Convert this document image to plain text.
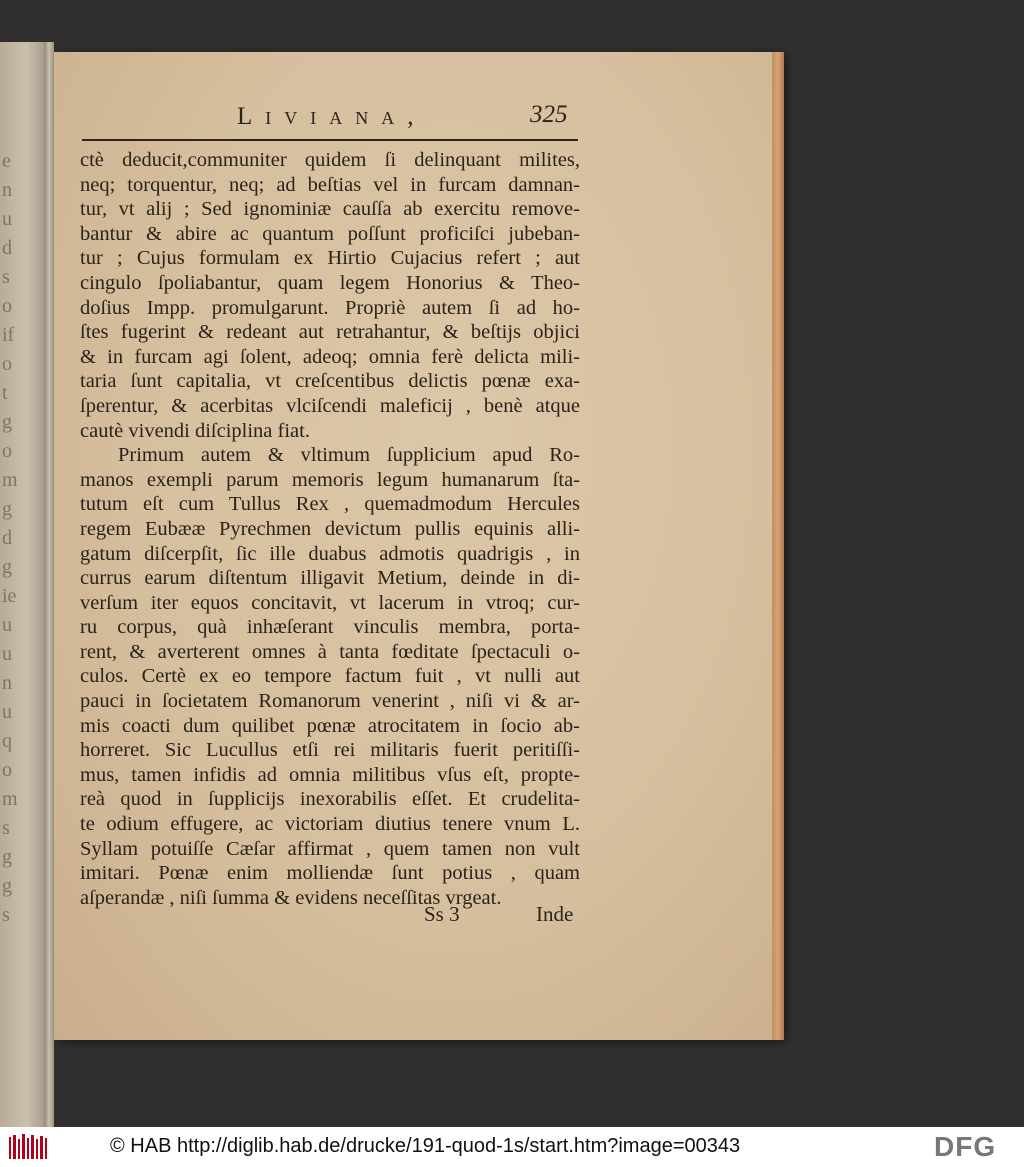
e
n
u
d
s
o
if
o
t
g
o
m
g
d
g
ie
u
u
n
u
q
o
m
s
g
g
s
Liviana,	325
ctè deducit,communiter quidem ſi delinquant milites,
neq; torquentur, neq; ad beſtias vel in furcam damnan-
tur, vt alij ; Sed ignominiæ cauſſa ab exercitu remove-
bantur & abire ac quantum poſſunt proficiſci jubeban-
tur ; Cujus formulam ex Hirtio Cujacius refert ; aut
cingulo ſpoliabantur, quam legem Honorius & Theo-
doſius Impp. promulgarunt. Propriè autem ſi ad ho-
ſtes fugerint & redeant aut retrahantur, & beſtijs objici
& in furcam agi ſolent, adeoq; omnia ferè delicta mili-
taria ſunt capitalia, vt creſcentibus delictis pœnæ exa-
ſperentur, & acerbitas vlciſcendi maleficij , benè atque
cautè vivendi diſciplina fiat.
Primum autem & vltimum ſupplicium apud Ro-
manos exempli parum memoris legum humanarum ſta-
tutum eſt cum Tullus Rex , quemadmodum Hercules
regem Eubææ Pyrechmen devictum pullis equinis alli-
gatum diſcerpſit, ſic ille duabus admotis quadrigis , in
currus earum diſtentum illigavit Metium, deinde in di-
verſum iter equos concitavit, vt lacerum in vtroq; cur-
ru corpus, quà inhæſerant vinculis membra, porta-
rent, & averterent omnes à tanta fœditate ſpectaculi o-
culos. Certè ex eo tempore factum fuit , vt nulli aut
pauci in ſocietatem Romanorum venerint , niſi vi & ar-
mis coacti dum quilibet pœnæ atrocitatem in ſocio ab-
horreret. Sic Lucullus etſi rei militaris fuerit peritiſſi-
mus, tamen infidis ad omnia militibus vſus eſt, propte-
reà quod in ſupplicijs inexorabilis eſſet. Et crudelita-
te odium effugere, ac victoriam diutius tenere vnum L.
Syllam potuiſſe Cæſar affirmat , quem tamen non vult
imitari. Pœnæ enim molliendæ ſunt potius , quam
aſperandæ , niſi ſumma & evidens neceſſitas vrgeat.
Ss 3	Inde
© HAB http://diglib.hab.de/drucke/191-quod-1s/start.htm?image=00343	DFG
